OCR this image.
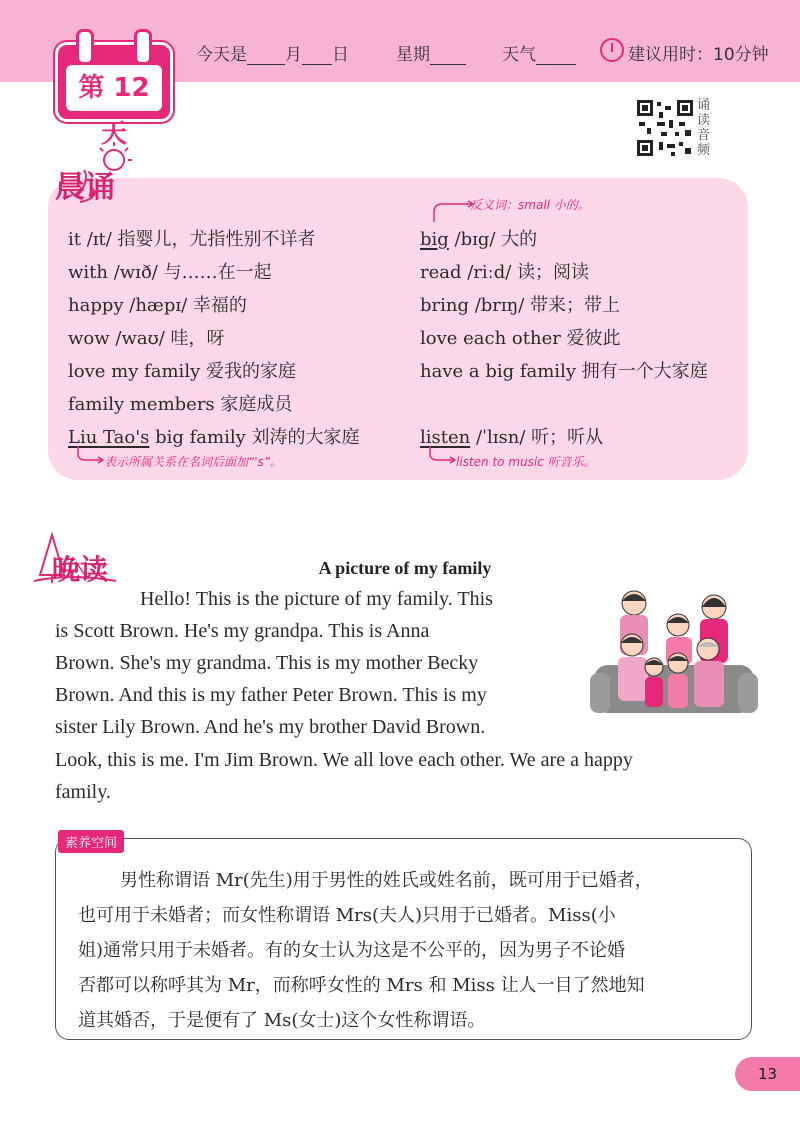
第 12 天
今天是 月 日	星期	天气	建议用时：10分钟
诵读音频
晨诵	反义词：small 小的。
it /ɪt/ 指婴儿，尤指性别不详者
with /wɪð/ 与……在一起
happy /hæpɪ/ 幸福的
wow /waʊ/ 哇，呀
love my family 爱我的家庭
family members 家庭成员
Liu Tao's big family 刘涛的大家庭
big /bɪg/ 大的
read /riːd/ 读；阅读
bring /brɪŋ/ 带来；带上
love each other 爱彼此
have a big family 拥有一个大家庭
listen /ˈlɪsn/ 听；听从
表示所属关系在名词后面加“'s”。	listen to music 听音乐。
晚读	A picture of my family
Hello! This is the picture of my family. This
is Scott Brown. He's my grandpa. This is Anna
Brown. She's my grandma. This is my mother Becky
Brown. And this is my father Peter Brown. This is my
sister Lily Brown. And he's my brother David Brown.
Look, this is me. I'm Jim Brown. We all love each other. We are a happy
family.
素养空间
男性称谓语 Mr(先生)用于男性的姓氏或姓名前，既可用于已婚者，
也可用于未婚者；而女性称谓语 Mrs(夫人)只用于已婚者。Miss(小
姐)通常只用于未婚者。有的女士认为这是不公平的，因为男子不论婚
否都可以称呼其为 Mr，而称呼女性的 Mrs 和 Miss 让人一目了然地知
道其婚否，于是便有了 Ms(女士)这个女性称谓语。
13
